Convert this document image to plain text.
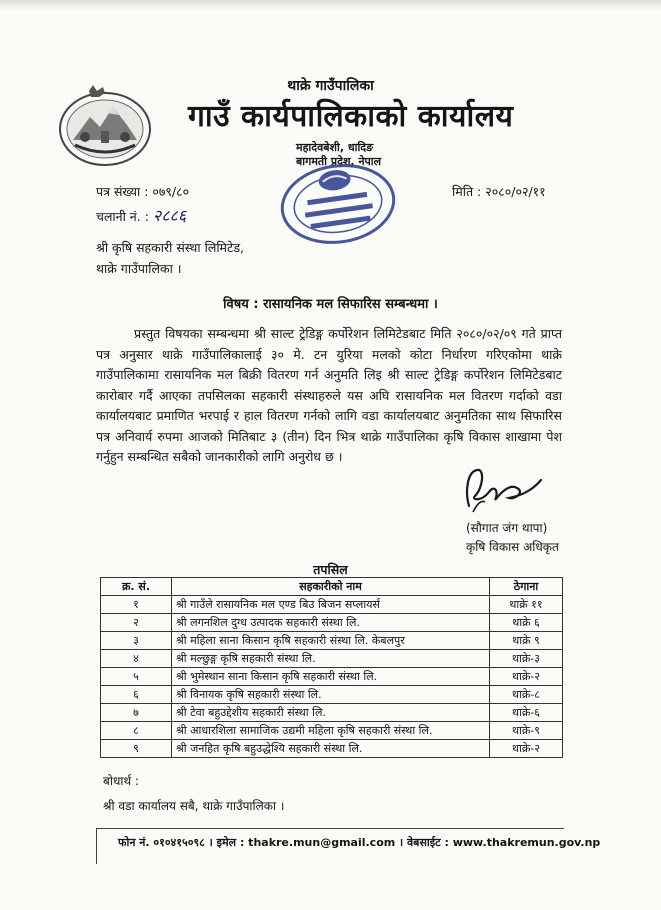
थाक्रे गाउँपालिका
गाउँ कार्यपालिकाको कार्यालय
महादेवबेशी, धादिङ
बागमती प्रदेश, नेपाल
पत्र संख्या : ०७९/८०
चलानी नं. : २८८६
मिति : २०८०/०२/११
श्री कृषि सहकारी संस्था लिमिटेड,
थाक्रे गाउँपालिका ।
विषय : रासायनिक मल सिफारिस सम्बन्धमा ।
प्रस्तुत विषयका सम्बन्धमा श्री साल्ट ट्रेडिङ्ग कर्पोरेशन लिमिटेडबाट मिति २०८०/०२/०९ गते प्राप्त पत्र अनुसार थाक्रे गाउँपालिकालाई ३० मे. टन युरिया मलको कोटा निर्धारण गरिएकोमा थाक्रे गाउँपालिकामा रासायनिक मल बिक्री वितरण गर्न अनुमति लिइ श्री साल्ट ट्रेडिङ्ग कर्पोरेशन लिमिटेडबाट कारोबार गर्दै आएका तपसिलका सहकारी संस्थाहरुले यस अघि रासायनिक मल वितरण गर्दाको वडा कार्यालयबाट प्रमाणित भरपाई र हाल वितरण गर्नको लागि वडा कार्यालयबाट अनुमतिका साथ सिफारिस पत्र अनिवार्य रुपमा आजको मितिबाट ३ (तीन) दिन भित्र थाक्रे गाउँपालिका कृषि विकास शाखामा पेश गर्नुहुन सम्बन्धित सबैको जानकारीको लागि अनुरोध छ ।
(सौगात जंग थापा)
कृषि विकास अधिकृत
तपसिल
क्र. सं.	सहकारीको नाम	ठेगाना
१	श्री गाउँले रासायनिक मल एण्ड बिउ बिजन सप्लायर्स	थाक्रे ११
२	श्री लगनशिल दुग्ध उत्पादक सहकारी संस्था लि.	थाक्रे ६
३	श्री महिला साना किसान कृषि सहकारी संस्था लि. केबलपुर	थाक्रे ९
४	श्री मल्छुङ्ग कृषि सहकारी संस्था लि.	थाक्रे-३
५	श्री भुमेस्थान साना किसान कृषि सहकारी संस्था लि.	थाक्रे-२
६	श्री विनायक कृषि सहकारी संस्था लि.	थाक्रे-८
७	श्री टेवा बहुउद्देशीय सहकारी संस्था लि.	थाक्रे-६
८	श्री आधारशिला सामाजिक उद्यमी महिला कृषि सहकारी संस्था लि.	थाक्रे-९
९	श्री जनहित कृषि बहुउद्धेश्यि सहकारी संस्था लि.	थाक्रे-२
बोधार्थ :
श्री वडा कार्यालय सबै, थाक्रे गाउँपालिका ।
फोन नं. ०१०४१५०९८ । इमेल : thakre.mun@gmail.com । वेबसाईट : www.thakremun.gov.np
